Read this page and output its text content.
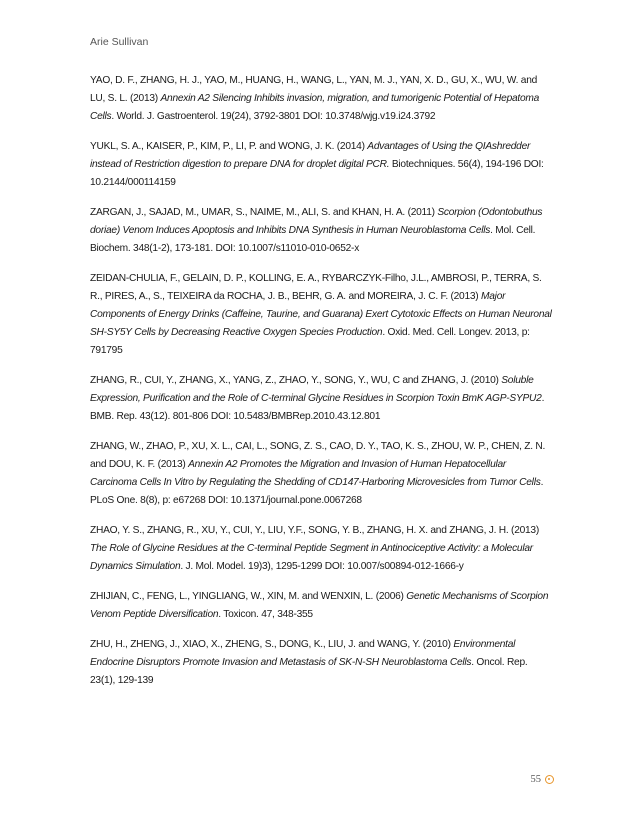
Arie Sullivan

YAO, D. F., ZHANG, H. J., YAO, M., HUANG, H., WANG, L., YAN, M. J., YAN, X. D., GU, X., WU, W. and LU, S. L. (2013) Annexin A2 Silencing Inhibits invasion, migration, and tumorigenic Potential of Hepatoma Cells. World. J. Gastroenterol. 19(24), 3792-3801 DOI: 10.3748/wjg.v19.i24.3792

YUKL, S. A., KAISER, P., KIM, P., LI, P. and WONG, J. K. (2014) Advantages of Using the QIAshredder instead of Restriction digestion to prepare DNA for droplet digital PCR. Biotechniques. 56(4), 194-196 DOI: 10.2144/000114159

ZARGAN, J., SAJAD, M., UMAR, S., NAIME, M., ALI, S. and KHAN, H. A. (2011) Scorpion (Odontobuthus doriae) Venom Induces Apoptosis and Inhibits DNA Synthesis in Human Neuroblastoma Cells. Mol. Cell. Biochem. 348(1-2), 173-181. DOI: 10.1007/s11010-010-0652-x

ZEIDAN-CHULIA, F., GELAIN, D. P., KOLLING, E. A., RYBARCZYK-Filho, J.L., AMBROSI, P., TERRA, S. R., PIRES, A., S., TEIXEIRA da ROCHA, J. B., BEHR, G. A. and MOREIRA, J. C. F. (2013) Major Components of Energy Drinks (Caffeine, Taurine, and Guarana) Exert Cytotoxic Effects on Human Neuronal SH-SY5Y Cells by Decreasing Reactive Oxygen Species Production. Oxid. Med. Cell. Longev. 2013, p: 791795

ZHANG, R., CUI, Y., ZHANG, X., YANG, Z., ZHAO, Y., SONG, Y., WU, C and ZHANG, J. (2010) Soluble Expression, Purification and the Role of C-terminal Glycine Residues in Scorpion Toxin BmK AGP-SYPU2. BMB. Rep. 43(12). 801-806 DOI: 10.5483/BMBRep.2010.43.12.801

ZHANG, W., ZHAO, P., XU, X. L., CAI, L., SONG, Z. S., CAO, D. Y., TAO, K. S., ZHOU, W. P., CHEN, Z. N. and DOU, K. F. (2013) Annexin A2 Promotes the Migration and Invasion of Human Hepatocellular Carcinoma Cells In Vitro by Regulating the Shedding of CD147-Harboring Microvesicles from Tumor Cells. PLoS One. 8(8), p: e67268 DOI: 10.1371/journal.pone.0067268

ZHAO, Y. S., ZHANG, R., XU, Y., CUI, Y., LIU, Y.F., SONG, Y. B., ZHANG, H. X. and ZHANG, J. H. (2013) The Role of Glycine Residues at the C-terminal Peptide Segment in Antinociceptive Activity: a Molecular Dynamics Simulation. J. Mol. Model. 19)3), 1295-1299 DOI: 10.007/s00894-012-1666-y

ZHIJIAN, C., FENG, L., YINGLIANG, W., XIN, M. and WENXIN, L. (2006) Genetic Mechanisms of Scorpion Venom Peptide Diversification. Toxicon. 47, 348-355

ZHU, H., ZHENG, J., XIAO, X., ZHENG, S., DONG, K., LIU, J. and WANG, Y. (2010) Environmental Endocrine Disruptors Promote Invasion and Metastasis of SK-N-SH Neuroblastoma Cells. Oncol. Rep. 23(1), 129-139

55
